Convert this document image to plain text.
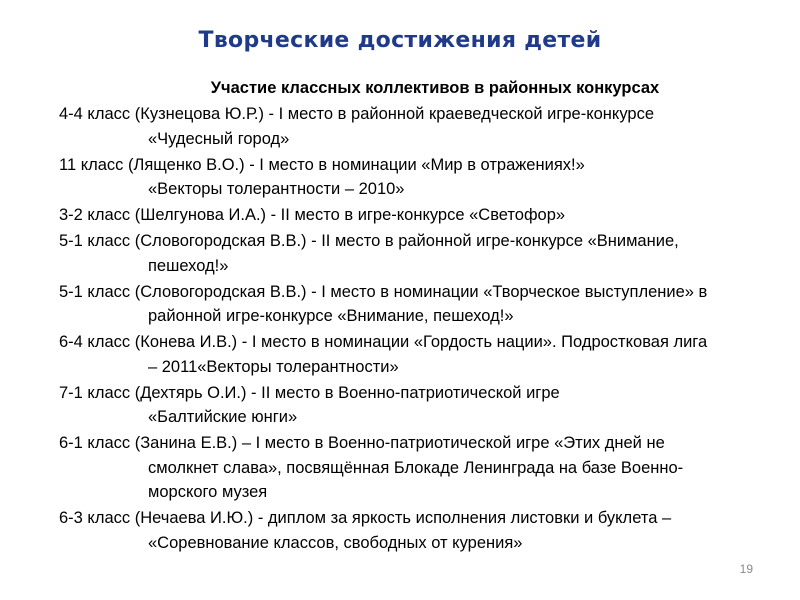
Творческие достижения детей
Участие классных коллективов в районных конкурсах
4-4 класс (Кузнецова Ю.Р.) - I место в районной краеведческой игре-конкурсе
«Чудесный город»
11 класс (Лященко В.О.) - I место в номинации «Мир в отражениях!»
«Векторы толерантности – 2010»
3-2 класс (Шелгунова И.А.) - II место в игре-конкурсе «Светофор»
5-1 класс (Словогородская В.В.) - II место в районной игре-конкурсе «Внимание,
пешеход!»
5-1 класс (Словогородская В.В.) - I место в номинации «Творческое выступление» в
районной игре-конкурсе «Внимание, пешеход!»
6-4 класс (Конева И.В.) - I место в номинации «Гордость нации». Подростковая лига
– 2011«Векторы толерантности»
7-1 класс (Дехтярь О.И.) - II место в Военно-патриотической игре
«Балтийские юнги»
6-1 класс (Занина Е.В.) – I место в Военно-патриотической игре «Этих дней не
смолкнет слава», посвящённая Блокаде Ленинграда на базе Военно-
морского музея
6-3 класс (Нечаева И.Ю.) - диплом за яркость исполнения листовки и буклета –
«Соревнование классов, свободных от курения»
19
